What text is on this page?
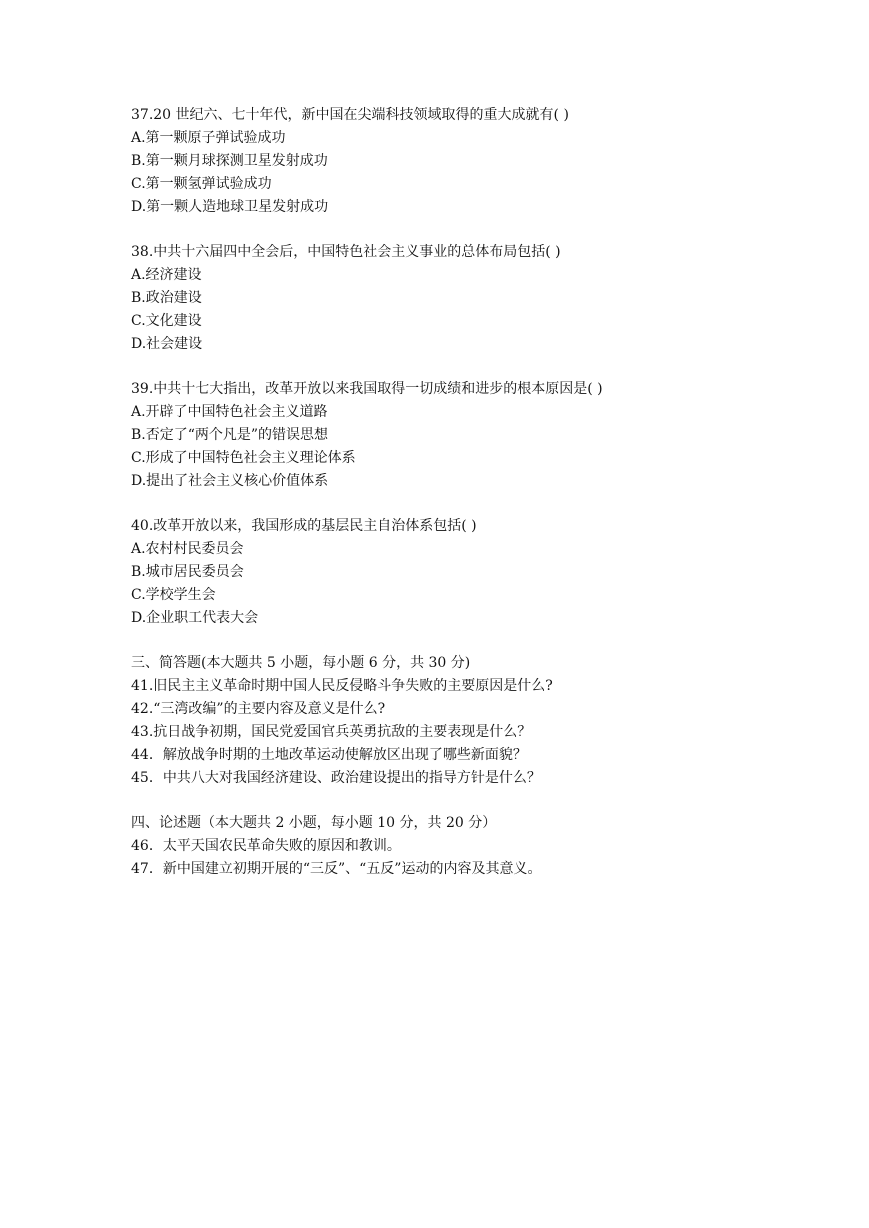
37.20 世纪六、七十年代，新中国在尖端科技领域取得的重大成就有( )
A.第一颗原子弹试验成功
B.第一颗月球探测卫星发射成功
C.第一颗氢弹试验成功
D.第一颗人造地球卫星发射成功
38.中共十六届四中全会后，中国特色社会主义事业的总体布局包括( )
A.经济建设
B.政治建设
C.文化建设
D.社会建设
39.中共十七大指出，改革开放以来我国取得一切成绩和进步的根本原因是( )
A.开辟了中国特色社会主义道路
B.否定了“两个凡是”的错误思想
C.形成了中国特色社会主义理论体系
D.提出了社会主义核心价值体系
40.改革开放以来，我国形成的基层民主自治体系包括( )
A.农村村民委员会
B.城市居民委员会
C.学校学生会
D.企业职工代表大会
三、简答题(本大题共 5 小题，每小题 6 分，共 30 分)
41.旧民主主义革命时期中国人民反侵略斗争失败的主要原因是什么?
42.“三湾改编”的主要内容及意义是什么?
43.抗日战争初期，国民党爱国官兵英勇抗敌的主要表现是什么？
44．解放战争时期的土地改革运动使解放区出现了哪些新面貌？
45．中共八大对我国经济建设、政治建设提出的指导方针是什么？
四、论述题（本大题共 2 小题，每小题 10 分，共 20 分）
46．太平天国农民革命失败的原因和教训。
47．新中国建立初期开展的“三反”、“五反”运动的内容及其意义。
